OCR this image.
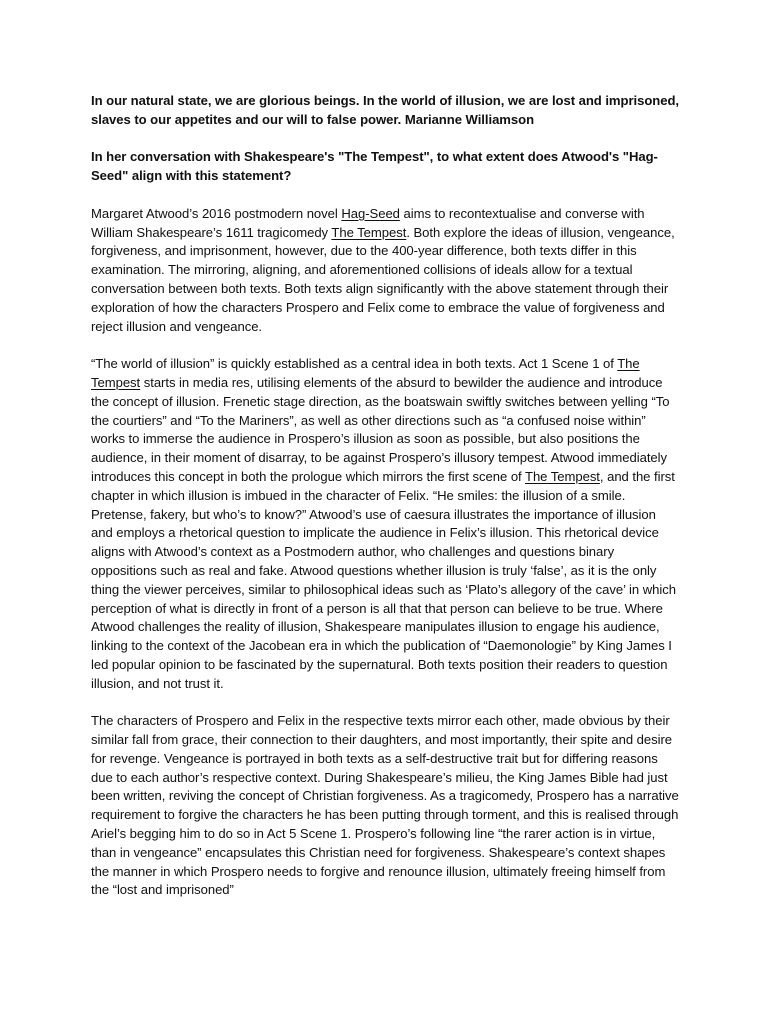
In our natural state, we are glorious beings. In the world of illusion, we are lost and imprisoned, slaves to our appetites and our will to false power. Marianne Williamson

In her conversation with Shakespeare's "The Tempest", to what extent does Atwood's "Hag-Seed" align with this statement?

Margaret Atwood’s 2016 postmodern novel Hag-Seed aims to recontextualise and converse with William Shakespeare’s 1611 tragicomedy The Tempest. Both explore the ideas of illusion, vengeance, forgiveness, and imprisonment, however, due to the 400-year difference, both texts differ in this examination. The mirroring, aligning, and aforementioned collisions of ideals allow for a textual conversation between both texts. Both texts align significantly with the above statement through their exploration of how the characters Prospero and Felix come to embrace the value of forgiveness and reject illusion and vengeance.

“The world of illusion” is quickly established as a central idea in both texts. Act 1 Scene 1 of The Tempest starts in media res, utilising elements of the absurd to bewilder the audience and introduce the concept of illusion. Frenetic stage direction, as the boatswain swiftly switches between yelling “To the courtiers” and “To the Mariners”, as well as other directions such as “a confused noise within” works to immerse the audience in Prospero’s illusion as soon as possible, but also positions the audience, in their moment of disarray, to be against Prospero’s illusory tempest. Atwood immediately introduces this concept in both the prologue which mirrors the first scene of The Tempest, and the first chapter in which illusion is imbued in the character of Felix. “He smiles: the illusion of a smile. Pretense, fakery, but who’s to know?” Atwood’s use of caesura illustrates the importance of illusion and employs a rhetorical question to implicate the audience in Felix’s illusion. This rhetorical device aligns with Atwood’s context as a Postmodern author, who challenges and questions binary oppositions such as real and fake. Atwood questions whether illusion is truly ‘false’, as it is the only thing the viewer perceives, similar to philosophical ideas such as ‘Plato’s allegory of the cave’ in which perception of what is directly in front of a person is all that that person can believe to be true. Where Atwood challenges the reality of illusion, Shakespeare manipulates illusion to engage his audience, linking to the context of the Jacobean era in which the publication of “Daemonologie” by King James I led popular opinion to be fascinated by the supernatural. Both texts position their readers to question illusion, and not trust it.

The characters of Prospero and Felix in the respective texts mirror each other, made obvious by their similar fall from grace, their connection to their daughters, and most importantly, their spite and desire for revenge. Vengeance is portrayed in both texts as a self-destructive trait but for differing reasons due to each author’s respective context. During Shakespeare’s milieu, the King James Bible had just been written, reviving the concept of Christian forgiveness. As a tragicomedy, Prospero has a narrative requirement to forgive the characters he has been putting through torment, and this is realised through Ariel’s begging him to do so in Act 5 Scene 1. Prospero’s following line “the rarer action is in virtue, than in vengeance” encapsulates this Christian need for forgiveness. Shakespeare’s context shapes the manner in which Prospero needs to forgive and renounce illusion, ultimately freeing himself from the “lost and imprisoned”
